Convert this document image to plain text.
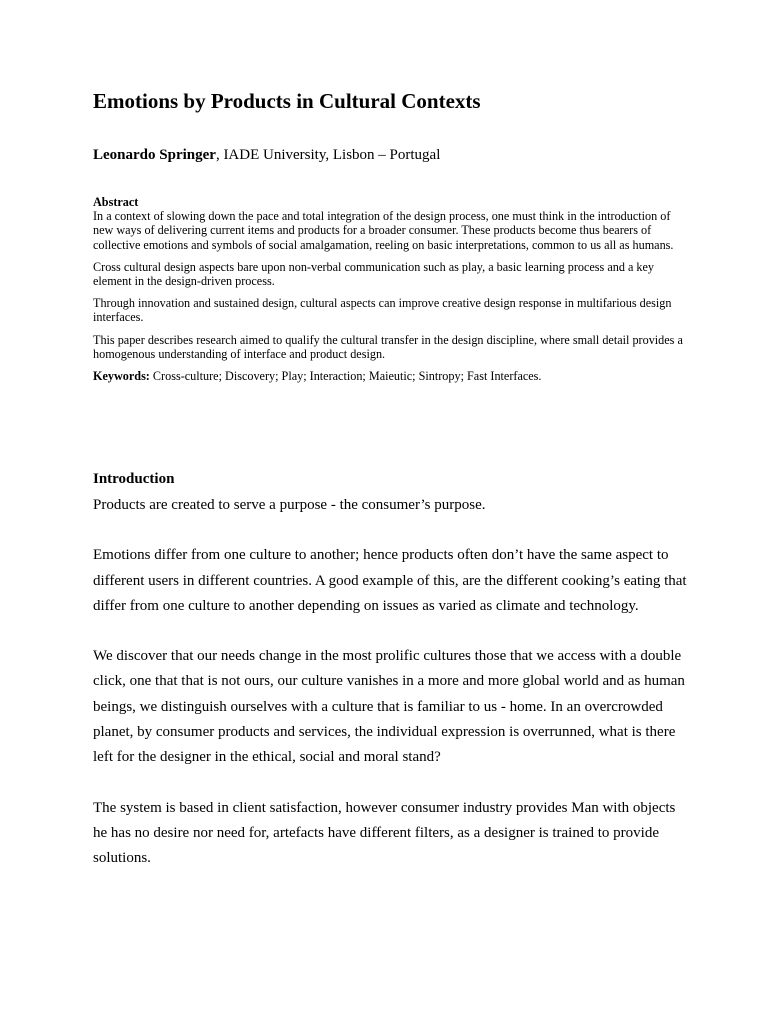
Emotions by Products in Cultural Contexts
Leonardo Springer, IADE University, Lisbon – Portugal
Abstract

In a context of slowing down the pace and total integration of the design process, one must think in the introduction of new ways of delivering current items and products for a broader consumer. These products become thus bearers of collective emotions and symbols of social amalgamation, reeling on basic interpretations, common to us all as humans.

Cross cultural design aspects bare upon non-verbal communication such as play, a basic learning process and a key element in the design-driven process.

Through innovation and sustained design, cultural aspects can improve creative design response in multifarious design interfaces.

This paper describes research aimed to qualify the cultural transfer in the design discipline, where small detail provides a homogenous understanding of interface and product design.

Keywords: Cross-culture; Discovery; Play; Interaction; Maieutic; Sintropy; Fast Interfaces.

Introduction

Products are created to serve a purpose - the consumer’s purpose.

Emotions differ from one culture to another; hence products often don’t have the same aspect to different users in different countries. A good example of this, are the different cooking’s eating that differ from one culture to another depending on issues as varied as climate and technology.

We discover that our needs change in the most prolific cultures those that we access with a double click, one that that is not ours, our culture vanishes in a more and more global world and as human beings, we distinguish ourselves with a culture that is familiar to us - home. In an overcrowded planet, by consumer products and services, the individual expression is overrunned, what is there left for the designer in the ethical, social and moral stand?

The system is based in client satisfaction, however consumer industry provides Man with objects he has no desire nor need for, artefacts have different filters, as a designer is trained to provide solutions.
